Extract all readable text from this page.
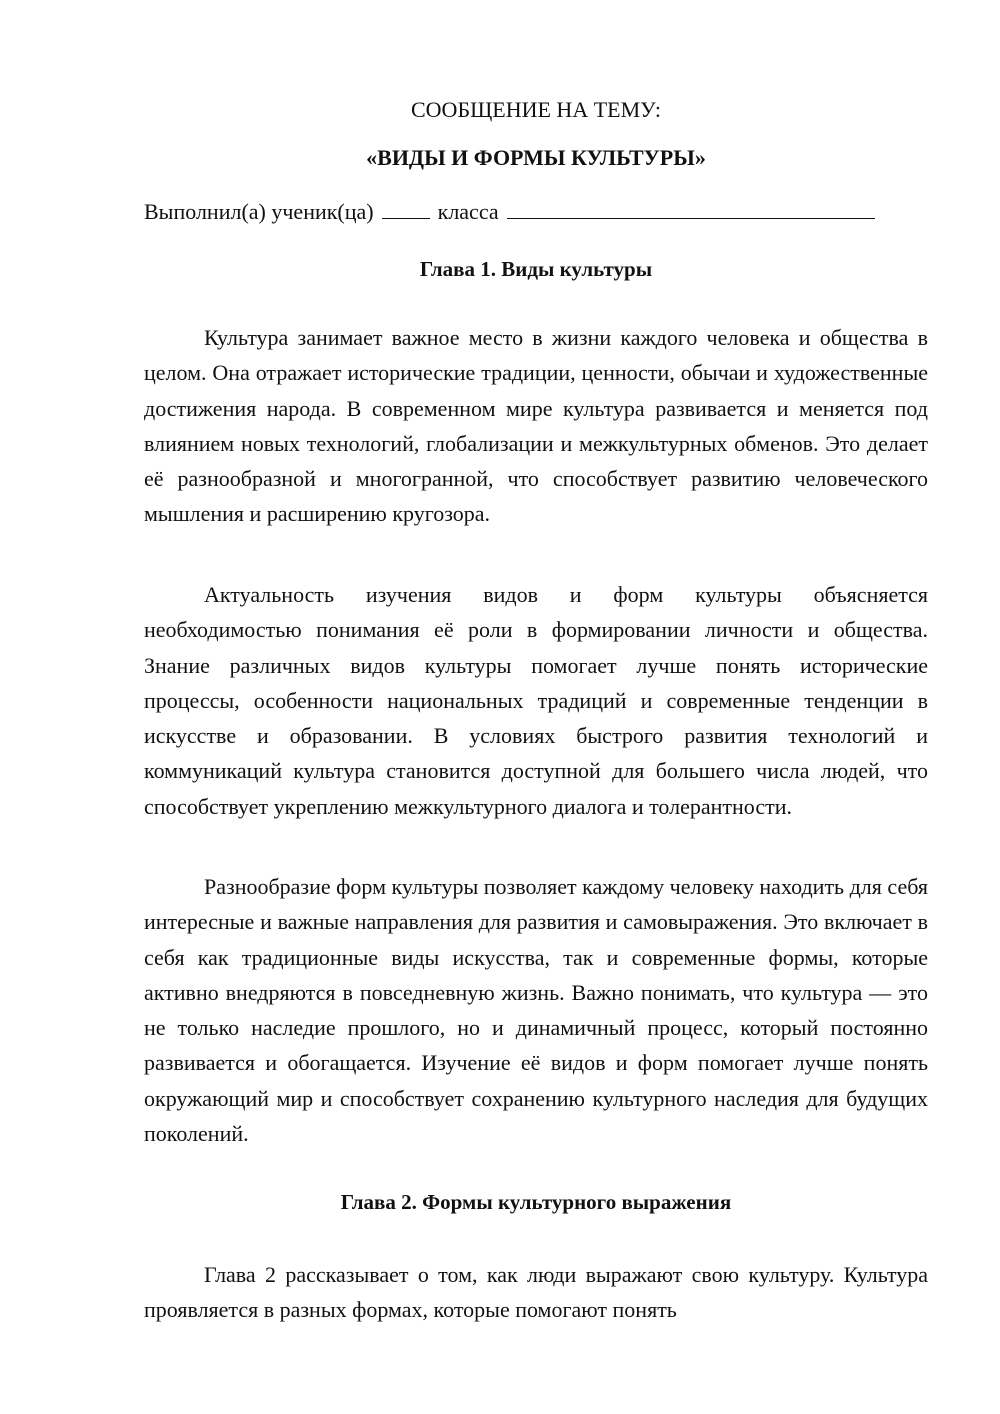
СООБЩЕНИЕ НА ТЕМУ:
«ВИДЫ И ФОРМЫ КУЛЬТУРЫ»
Выполнил(а) ученик(ца)	класса
Глава 1. Виды культуры

Культура занимает важное место в жизни каждого человека и общества в целом. Она отражает исторические традиции, ценности, обычаи и художественные достижения народа. В современном мире культура развивается и меняется под влиянием новых технологий, глобализации и межкультурных обменов. Это делает её разнообразной и многогранной, что способствует развитию человеческого мышления и расширению кругозора.

Актуальность изучения видов и форм культуры объясняется необходимостью понимания её роли в формировании личности и общества. Знание различных видов культуры помогает лучше понять исторические процессы, особенности национальных традиций и современные тенденции в искусстве и образовании. В условиях быстрого развития технологий и коммуникаций культура становится доступной для большего числа людей, что способствует укреплению межкультурного диалога и толерантности.

Разнообразие форм культуры позволяет каждому человеку находить для себя интересные и важные направления для развития и самовыражения. Это включает в себя как традиционные виды искусства, так и современные формы, которые активно внедряются в повседневную жизнь. Важно понимать, что культура — это не только наследие прошлого, но и динамичный процесс, который постоянно развивается и обогащается. Изучение её видов и форм помогает лучше понять окружающий мир и способствует сохранению культурного наследия для будущих поколений.

Глава 2. Формы культурного выражения

Глава 2 рассказывает о том, как люди выражают свою культуру. Культура проявляется в разных формах, которые помогают понять
